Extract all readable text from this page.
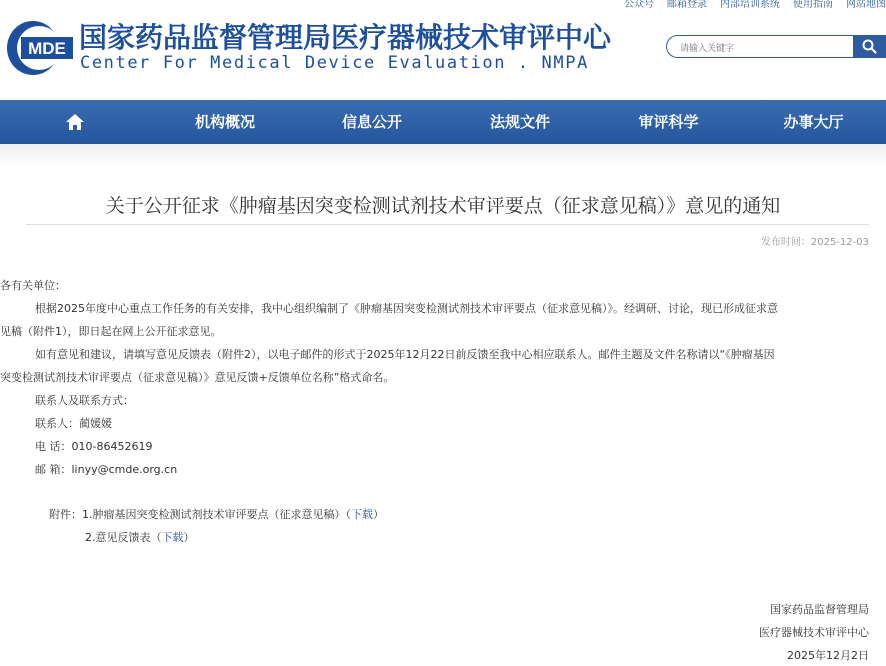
公众号 邮箱登录 内部培训系统 使用指南 网站地图
MDE 国家药品监督管理局医疗器械技术审评中心
Center For Medical Device Evaluation . NMPA
请输入关键字
机构概况	信息公开	法规文件	审评科学	办事大厅
关于公开征求《肿瘤基因突变检测试剂技术审评要点（征求意见稿）》意见的通知
发布时间：2025-12-03
各有关单位：
根据2025年度中心重点工作任务的有关安排，我中心组织编制了《肿瘤基因突变检测试剂技术审评要点（征求意见稿）》。经调研、讨论，现已形成征求意
见稿（附件1），即日起在网上公开征求意见。
如有意见和建议，请填写意见反馈表（附件2），以电子邮件的形式于2025年12月22日前反馈至我中心相应联系人。邮件主题及文件名称请以“《肿瘤基因
突变检测试剂技术审评要点（征求意见稿）》意见反馈+反馈单位名称”格式命名。
联系人及联系方式：
联系人：蔺媛媛
电 话：010-86452619
邮 箱：linyy@cmde.org.cn
附件：1.肿瘤基因突变检测试剂技术审评要点（征求意见稿）（下载）
2.意见反馈表（下载）
国家药品监督管理局
医疗器械技术审评中心
2025年12月2日
